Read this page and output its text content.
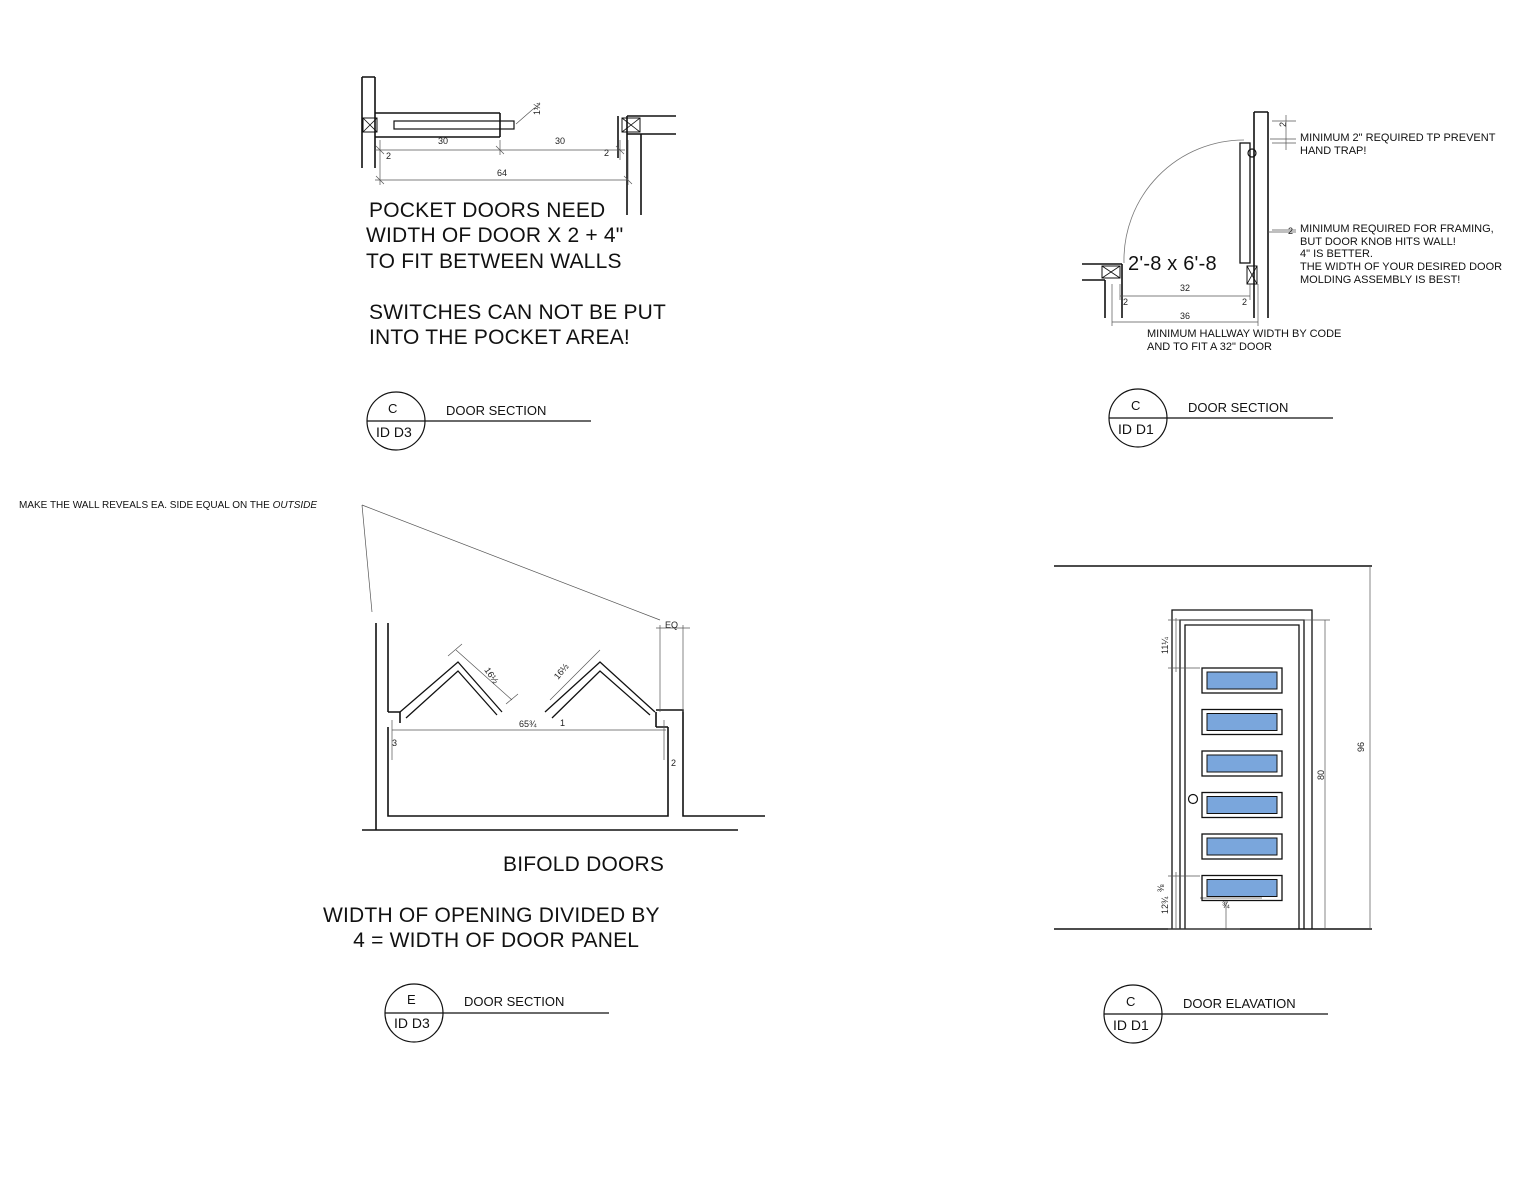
30	30
2	2
64
1¼
2
2
32
2	2
36
EQ
16½	16½
65¾	1
3
2
11¼
12¾
⅜
¾
80
96
POCKET DOORS NEED
WIDTH OF DOOR X 2 + 4"
TO FIT BETWEEN WALLS
SWITCHES CAN NOT BE PUT
INTO THE POCKET AREA!
C
ID D3
DOOR SECTION
2'-8 x 6'-8
MINIMUM 2" REQUIRED TP PREVENT
HAND TRAP!
MINIMUM REQUIRED FOR FRAMING,
BUT DOOR KNOB HITS WALL!
4" IS BETTER.
THE WIDTH OF YOUR DESIRED DOOR
MOLDING ASSEMBLY IS BEST!
MINIMUM HALLWAY WIDTH BY CODE
AND TO FIT A 32" DOOR
C
ID D1
DOOR SECTION
MAKE THE WALL REVEALS EA. SIDE EQUAL ON THE OUTSIDE
BIFOLD DOORS
WIDTH OF OPENING DIVIDED BY
4 = WIDTH OF DOOR PANEL
E
ID D3
DOOR SECTION	C
ID D1
DOOR ELAVATION
